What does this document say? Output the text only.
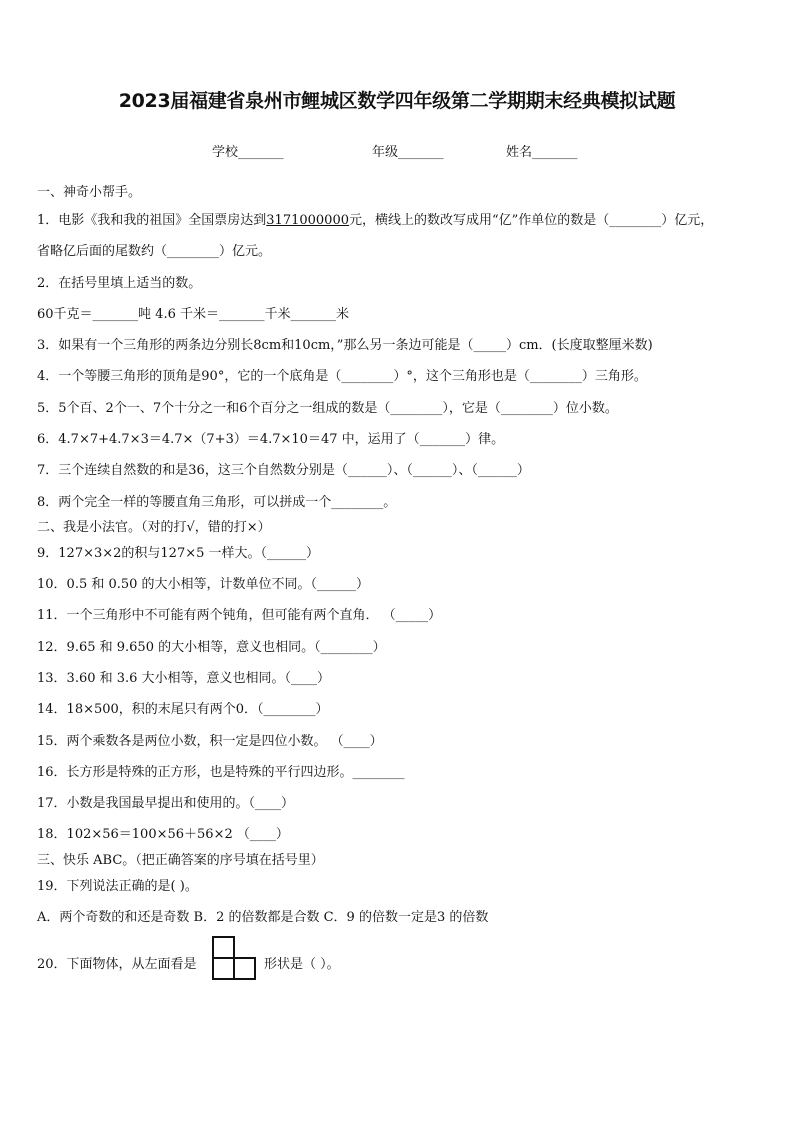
2023届福建省泉州市鲤城区数学四年级第二学期期末经典模拟试题
学校_______	年级_______	姓名_______
一、神奇小帮手。
1．电影《我和我的祖国》全国票房达到3171000000元，横线上的数改写成用“亿”作单位的数是（________）亿元，
省略亿后面的尾数约（________）亿元。
2．在括号里填上适当的数。
60千克＝_______吨 4.6 千米＝_______千米_______米
3．如果有一个三角形的两条边分别长8cm和10cm，”那么另一条边可能是（_____）cm．(长度取整厘米数)
4．一个等腰三角形的顶角是90°，它的一个底角是（________）°，这个三角形也是（________）三角形。
5．5个百、2个一、7个十分之一和6个百分之一组成的数是（________），它是（________）位小数。
6．4.7×7+4.7×3＝4.7×（7+3）＝4.7×10＝47 中，运用了（_______）律。
7．三个连续自然数的和是36，这三个自然数分别是（______）、（______）、（______）
8．两个完全一样的等腰直角三角形，可以拼成一个________。
二、我是小法官。（对的打√，错的打×）
9．127×3×2的积与127×5 一样大。（______）
10．0.5 和 0.50 的大小相等，计数单位不同。（______）
11．一个三角形中不可能有两个钝角，但可能有两个直角． （_____）
12．9.65 和 9.650 的大小相等，意义也相同。（________）
13．3.60 和 3.6 大小相等，意义也相同。（____）
14．18×500，积的末尾只有两个0．（________）
15．两个乘数各是两位小数，积一定是四位小数。 （____）
16．长方形是特殊的正方形，也是特殊的平行四边形。________
17．小数是我国最早提出和使用的。（____）
18．102×56＝100×56＋56×2 （____）
三、快乐 ABC。（把正确答案的序号填在括号里）
19．下列说法正确的是( )。
A．两个奇数的和还是奇数 B．2 的倍数都是合数 C．9 的倍数一定是3 的倍数
20．下面物体，从左面看是	形状是（ ）。
